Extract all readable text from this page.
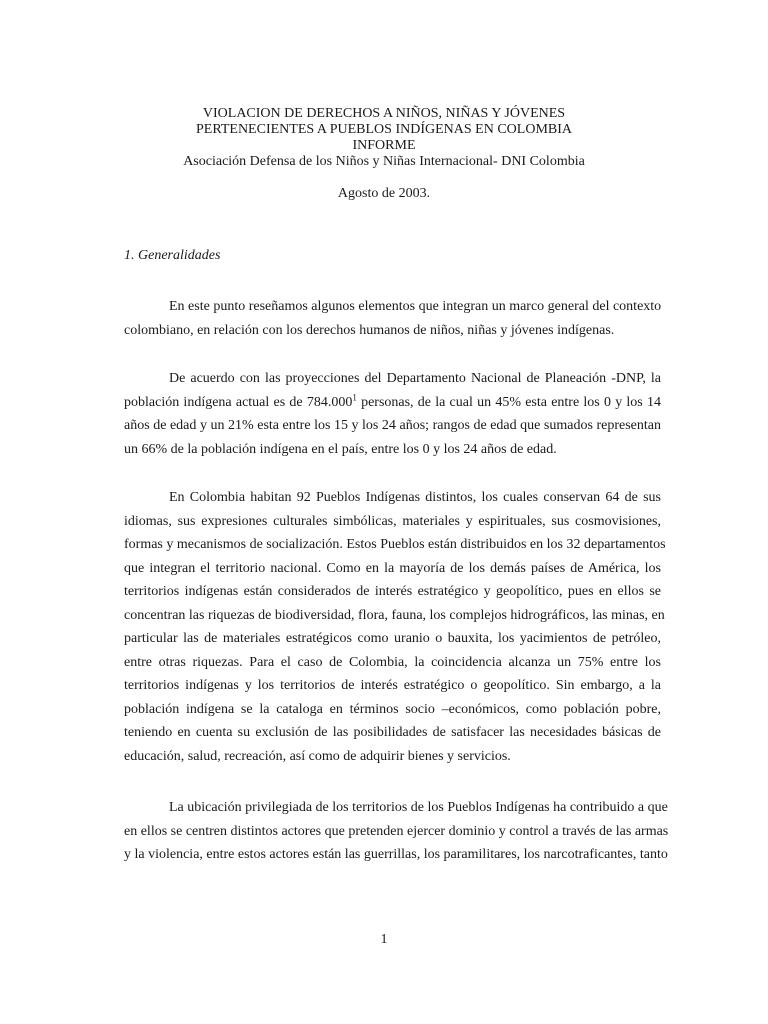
VIOLACION DE DERECHOS A NIÑOS, NIÑAS Y JÓVENES
PERTENECIENTES A PUEBLOS INDÍGENAS EN COLOMBIA
INFORME
Asociación Defensa de los Niños y Niñas Internacional- DNI Colombia
Agosto de 2003.
1. Generalidades
En este punto reseñamos algunos elementos que integran un marco general del contexto
colombiano, en relación con los derechos humanos de niños, niñas y jóvenes indígenas.
De acuerdo con las proyecciones del Departamento Nacional de Planeación -DNP, la
población indígena actual es de 784.000$^1$ personas, de la cual un 45% esta entre los 0 y los 14
años de edad y un 21% esta entre los 15 y los 24 años; rangos de edad que sumados representan
un 66% de la población indígena en el país, entre los 0 y los 24 años de edad.
En Colombia habitan 92 Pueblos Indígenas distintos, los cuales conservan 64 de sus
idiomas, sus expresiones culturales simbólicas, materiales y espirituales, sus cosmovisiones,
formas y mecanismos de socialización. Estos Pueblos están distribuidos en los 32 departamentos
que integran el territorio nacional. Como en la mayoría de los demás países de América, los
territorios indígenas están considerados de interés estratégico y geopolítico, pues en ellos se
concentran las riquezas de biodiversidad, flora, fauna, los complejos hidrográficos, las minas, en
particular las de materiales estratégicos como uranio o bauxita, los yacimientos de petróleo,
entre otras riquezas. Para el caso de Colombia, la coincidencia alcanza un 75% entre los
territorios indígenas y los territorios de interés estratégico o geopolítico. Sin embargo, a la
población indígena se la cataloga en términos socio –económicos, como población pobre,
teniendo en cuenta su exclusión de las posibilidades de satisfacer las necesidades básicas de
educación, salud, recreación, así como de adquirir bienes y servicios.
La ubicación privilegiada de los territorios de los Pueblos Indígenas ha contribuido a que
en ellos se centren distintos actores que pretenden ejercer dominio y control a través de las armas
y la violencia, entre estos actores están las guerrillas, los paramilitares, los narcotraficantes, tanto
1
